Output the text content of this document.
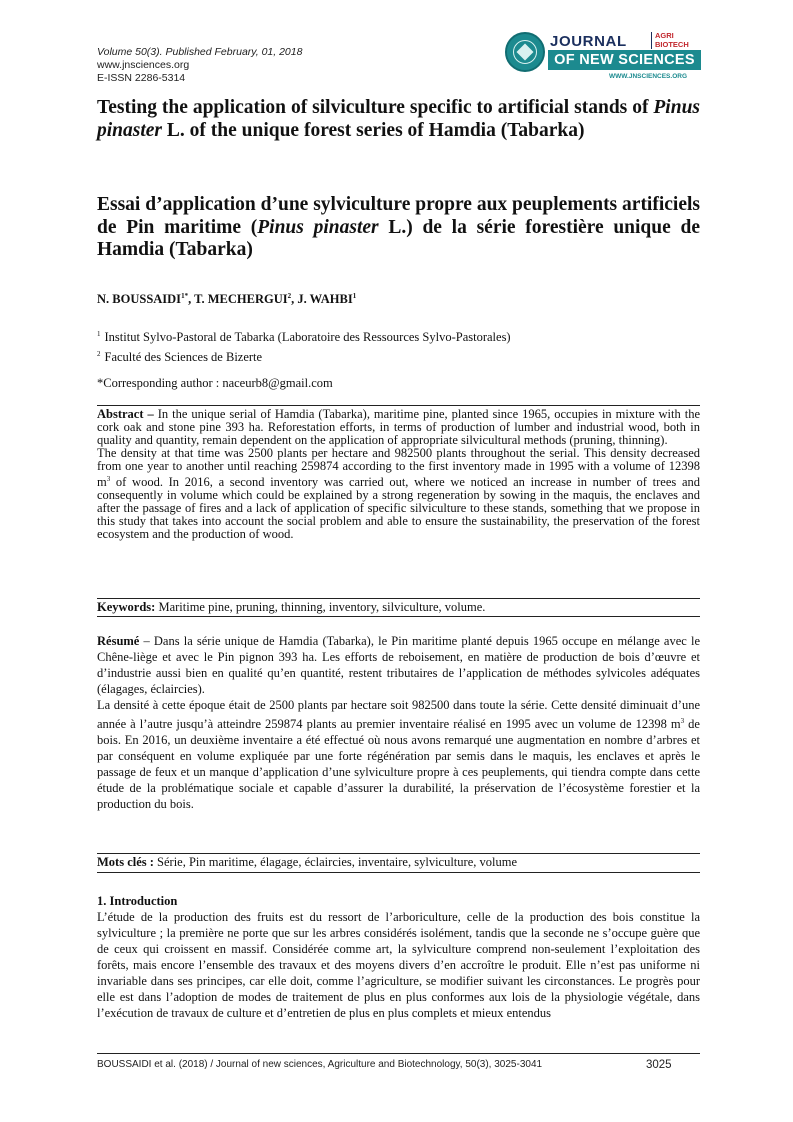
Volume 50(3). Published February, 01, 2018
www.jnsciences.org
E-ISSN 2286-5314
JOURNAL	AGRI
BIOTECH
OF NEW SCIENCES
WWW.JNSCIENCES.ORG
Testing the application of silviculture specific to artificial stands of Pinus pinaster L. of the unique forest series of Hamdia (Tabarka)
Essai d’application d’une sylviculture propre aux peuplements artificiels de Pin maritime (Pinus pinaster L.) de la série forestière unique de Hamdia (Tabarka)
N. $BOUSSAIDI^{1*}$, T. MECHERGUI$^2$, J. WAHBI$^1$
$^1$ Institut Sylvo-Pastoral de Tabarka (Laboratoire des Ressources Sylvo-Pastorales)
$^2$ Faculté des Sciences de Bizerte
*Corresponding author : naceurb8@gmail.com

Abstract – In the unique serial of Hamdia (Tabarka), maritime pine, planted since 1965, occupies in mixture with the cork oak and stone pine 393 ha. Reforestation efforts, in terms of production of lumber and industrial wood, both in quality and quantity, remain dependent on the application of appropriate silvicultural methods (pruning, thinning).

The density at that time was 2500 plants per hectare and 982500 plants throughout the serial. This density decreased from one year to another until reaching 259874 according to the first inventory made in 1995 with a volume of 12398 $m^3$ of wood. In 2016, a second inventory was carried out, where we noticed an increase in number of trees and consequently in volume which could be explained by a strong regeneration by sowing in the maquis, the enclaves and after the passage of fires and a lack of application of specific silviculture to these stands, something that we propose in this study that takes into account the social problem and able to ensure the sustainability, the preservation of the forest ecosystem and the production of wood.

Keywords: Maritime pine, pruning, thinning, inventory, silviculture, volume.

Résumé – Dans la série unique de Hamdia (Tabarka), le Pin maritime planté depuis 1965 occupe en mélange avec le Chêne-liège et avec le Pin pignon 393 ha. Les efforts de reboisement, en matière de production de bois d’œuvre et d’industrie aussi bien en qualité qu’en quantité, restent tributaires de l’application de méthodes sylvicoles adéquates (élagages, éclaircies).

La densité à cette époque était de 2500 plants par hectare soit 982500 dans toute la série. Cette densité diminuait d’une année à l’autre jusqu’à atteindre 259874 plants au premier inventaire réalisé en 1995 avec un volume de 12398 $m^3$ de bois. En 2016, un deuxième inventaire a été effectué où nous avons remarqué une augmentation en nombre d’arbres et par conséquent en volume expliquée par une forte régénération par semis dans le maquis, les enclaves et après le passage de feux et un manque d’application d’une sylviculture propre à ces peuplements, qui tiendra compte dans cette étude de la problématique sociale et capable d’assurer la durabilité, la préservation de l’écosystème forestier et la production du bois.

Mots clés : Série, Pin maritime, élagage, éclaircies, inventaire, sylviculture, volume
1. Introduction

L’étude de la production des fruits est du ressort de l’arboriculture, celle de la production des bois constitue la sylviculture ; la première ne porte que sur les arbres considérés isolément, tandis que la seconde ne s’occupe guère que de ceux qui croissent en massif. Considérée comme art, la sylviculture comprend non-seulement l’exploitation des forêts, mais encore l’ensemble des travaux et des moyens divers d’en accroître le produit. Elle n’est pas uniforme ni invariable dans ses principes, car elle doit, comme l’agriculture, se modifier suivant les circonstances. Le progrès pour elle est dans l’adoption de modes de traitement de plus en plus conformes aux lois de la physiologie végétale, dans l’exécution de travaux de culture et d’entretien de plus en plus complets et mieux entendus

BOUSSAIDI et al. (2018) / Journal of new sciences, Agriculture and Biotechnology, 50(3), 3025-3041	3025
